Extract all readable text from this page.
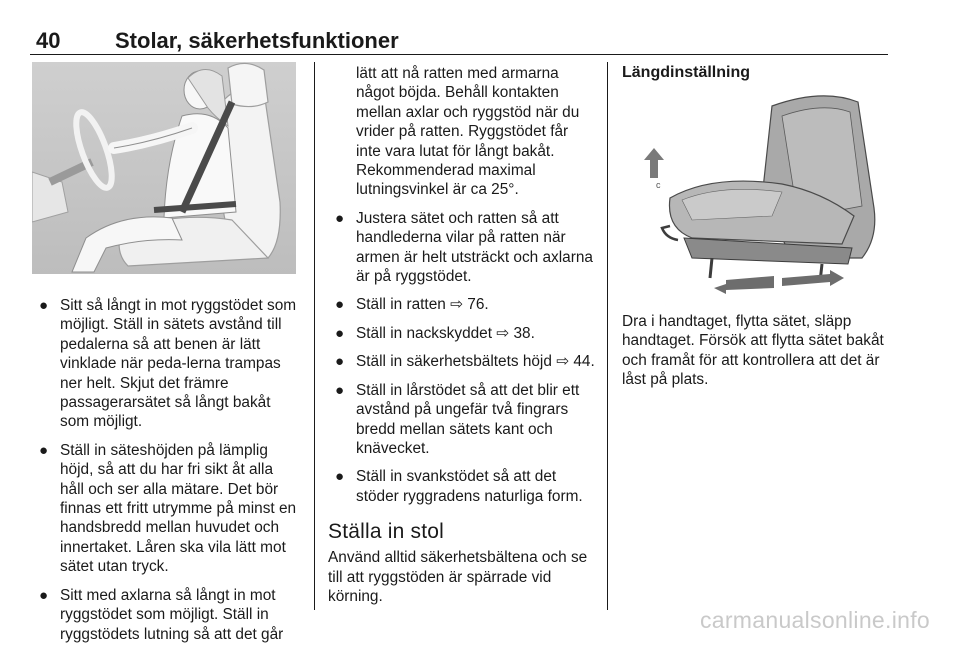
40 Stolar, säkerhetsfunktioner
● Sitt så långt in mot ryggstödet som möjligt. Ställ in sätets avstånd till pedalerna så att benen är lätt vinklade när peda-lerna trampas ner helt. Skjut det främre passagerarsätet så långt bakåt som möjligt.
● Ställ in säteshöjden på lämplig höjd, så att du har fri sikt åt alla håll och ser alla mätare. Det bör finnas ett fritt utrymme på minst en handsbredd mellan huvudet och innertaket. Låren ska vila lätt mot sätet utan tryck.
● Sitt med axlarna så långt in mot ryggstödet som möjligt. Ställ in ryggstödets lutning så att det går
lätt att nå ratten med armarna något böjda. Behåll kontakten mellan axlar och ryggstöd när du vrider på ratten. Ryggstödet får inte vara lutat för långt bakåt. Rekommenderad maximal lutningsvinkel är ca 25°.
● Justera sätet och ratten så att handlederna vilar på ratten när armen är helt utsträckt och axlarna är på ryggstödet.
● Ställ in ratten ⇨ 76.
● Ställ in nackskyddet ⇨ 38.
● Ställ in säkerhetsbältets höjd ⇨ 44.
● Ställ in lårstödet så att det blir ett avstånd på ungefär två fingrars bredd mellan sätets kant och knävecket.
● Ställ in svankstödet så att det stöder ryggradens naturliga form.
Ställa in stol

Använd alltid säkerhetsbältena och se till att ryggstöden är spärrade vid körning.

Längdinställning
c

Dra i handtaget, flytta sätet, släpp handtaget. Försök att flytta sätet bakåt och framåt för att kontrollera att det är låst på plats.

carmanualsonline.info
